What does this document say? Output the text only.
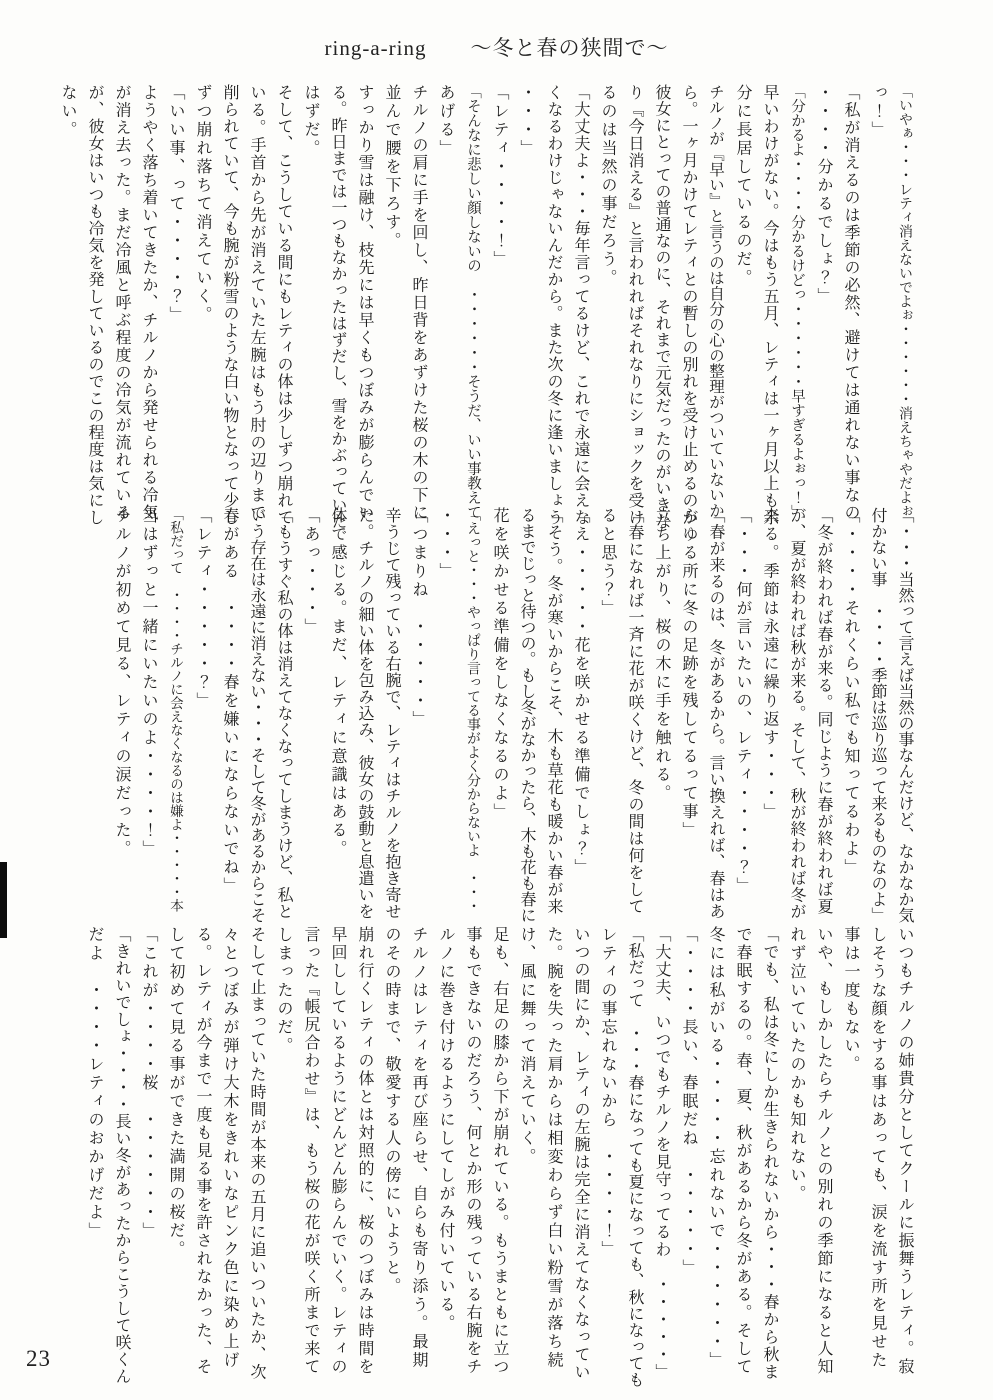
ring-a-ring　　～冬と春の狭間で～
「いやぁ・・・レティ消えないでよぉ・・・・・・消えちゃやだよぉ
っ！」
「私が消えるのは季節の必然、避けては通れない事なの
・・・・分かるでしょ？」
「分かるよ・・・・分かるけどっ・・・・・・早すぎるよぉっ！」
早いわけがない。今はもう五月、レティは一ヶ月以上も余
分に長居しているのだ。
チルノが『早い』と言うのは自分の心の整理がついていないか
ら。一ヶ月かけてレティとの暫しの別れを受け止めるのが
彼女にとっての普通なのに、それまで元気だったのがいきな
り『今日消える』と言われればそれなりにショックを受け
るのは当然の事だろう。
「大丈夫よ・・・毎年言ってるけど、これで永遠に会えな
くなるわけじゃないんだから。また次の冬に逢いましょう
・・・」
「レティ・・・・！」
「そんなに悲しい顔しないの　・・・・・・そうだ、いい事教えて
あげる」
チルノの肩に手を回し、昨日背をあずけた桜の木の下に
並んで腰を下ろす。
すっかり雪は融け、枝先には早くもつぼみが膨らんでい
る。昨日までは一つもなかったはずだし、雪をかぶっていた
はずだ。
そして、こうしている間にもレティの体は少しずつ崩れて
いる。手首から先が消えていた左腕はもう肘の辺りまで
削られていて、今も腕が粉雪のような白い物となって少し
ずつ崩れ落ちて消えていく。
「いい事、って・・・・？」
ようやく落ち着いてきたか、チルノから発せられる冷気
が消え去った。まだ冷風と呼ぶ程度の冷気が流れている
が、彼女はいつも冷気を発しているのでこの程度は気にし
ない。
「・・・当然って言えば当然の事なんだけど、なかなか気
付かない事　・・・・季節は巡り巡って来るものなのよ」
「・・・・それくらい私でも知ってるわよ」
「冬が終われば春が来る。同じように春が終われば夏
が、夏が終われば秋が来る。そして、秋が終われば冬が
来る。季節は永遠に繰り返す・・・」
「・・・何が言いたいの、レティ・・・・？」
「春が来るのは、冬があるから。言い換えれば、春はあ
らゆる所に冬の足跡を残してるって事」
立ち上がり、桜の木に手を触れる。
「春になれば一斉に花が咲くけど、冬の間は何をして
ると思う？」
「え・・・・・花を咲かせる準備でしょ？」
「そう。冬が寒いからこそ、木も草花も暖かい春が来
るまでじっと待つの。もし冬がなかったら、木も花も春に
花を咲かせる準備をしなくなるのよ」
「えっと・・・やっぱり言ってる事がよく分からないよ　・・・
・・・」
「つまりね　・・・・・」
辛うじて残っている右腕で、レティはチルノを抱き寄せ
た。チルノの細い体を包み込み、彼女の鼓動と息遣いを
体で感じる。まだ、レティに意識はある。
「あっ・・・」
「もうすぐ私の体は消えてなくなってしまうけど、私と
いう存在は永遠に消えない・・・そして冬があるからこそ
春がある　・・・・春を嫌いにならないでね」
「レティ・・・・・？」
「私だって　・・・・チルノに会えなくなるのは嫌よ・・・・・本
当はずっと一緒にいたいのよ・・・・！」
チルノが初めて見る、レティの涙だった。
いつもチルノの姉貴分としてクールに振舞うレティ。寂
しそうな顔をする事はあっても、涙を流す所を見せた
事は一度もない。
いや、もしかしたらチルノとの別れの季節になると人知
れず泣いていたのかも知れない。
「でも、私は冬にしか生きられないから・・・春から秋ま
で春眠するの。春、夏、秋があるから冬がある。そして
冬には私がいる・・・・・忘れないで・・・・・・」
「・・・・長い、春眠だね　・・・・・」
「大丈夫、いつでもチルノを見守ってるわ　・・・・・」
「私だって　・・・春になっても夏になっても、秋になっても
レティの事忘れないから　・・・・！」
いつの間にか、レティの左腕は完全に消えてなくなってい
た。腕を失った肩からは相変わらず白い粉雪が落ち続
け、風に舞って消えていく。
足も、右足の膝から下が崩れている。もうまともに立つ
事もできないのだろう、何とか形の残っている右腕をチ
ルノに巻き付けるようにしてしがみ付いている。
チルノはレティを再び座らせ、自らも寄り添う。最期
のその時まで、敬愛する人の傍にいようと。
崩れ行くレティの体とは対照的に、桜のつぼみは時間を
早回ししているようにどんどん膨らんでいく。レティの
言った『帳尻合わせ』は、もう桜の花が咲く所まで来て
しまったのだ。
そして止まっていた時間が本来の五月に追いついたか、次
々とつぼみが弾け大木をきれいなピンク色に染め上げ
る。レティが今まで一度も見る事を許されなかった、そ
して初めて見る事ができた満開の桜だ。
「これが・・・・桜　・・・・・・」
「きれいでしょ・・・・長い冬があったからこうして咲くん
だよ　・・・・レティのおかげだよ」
23
